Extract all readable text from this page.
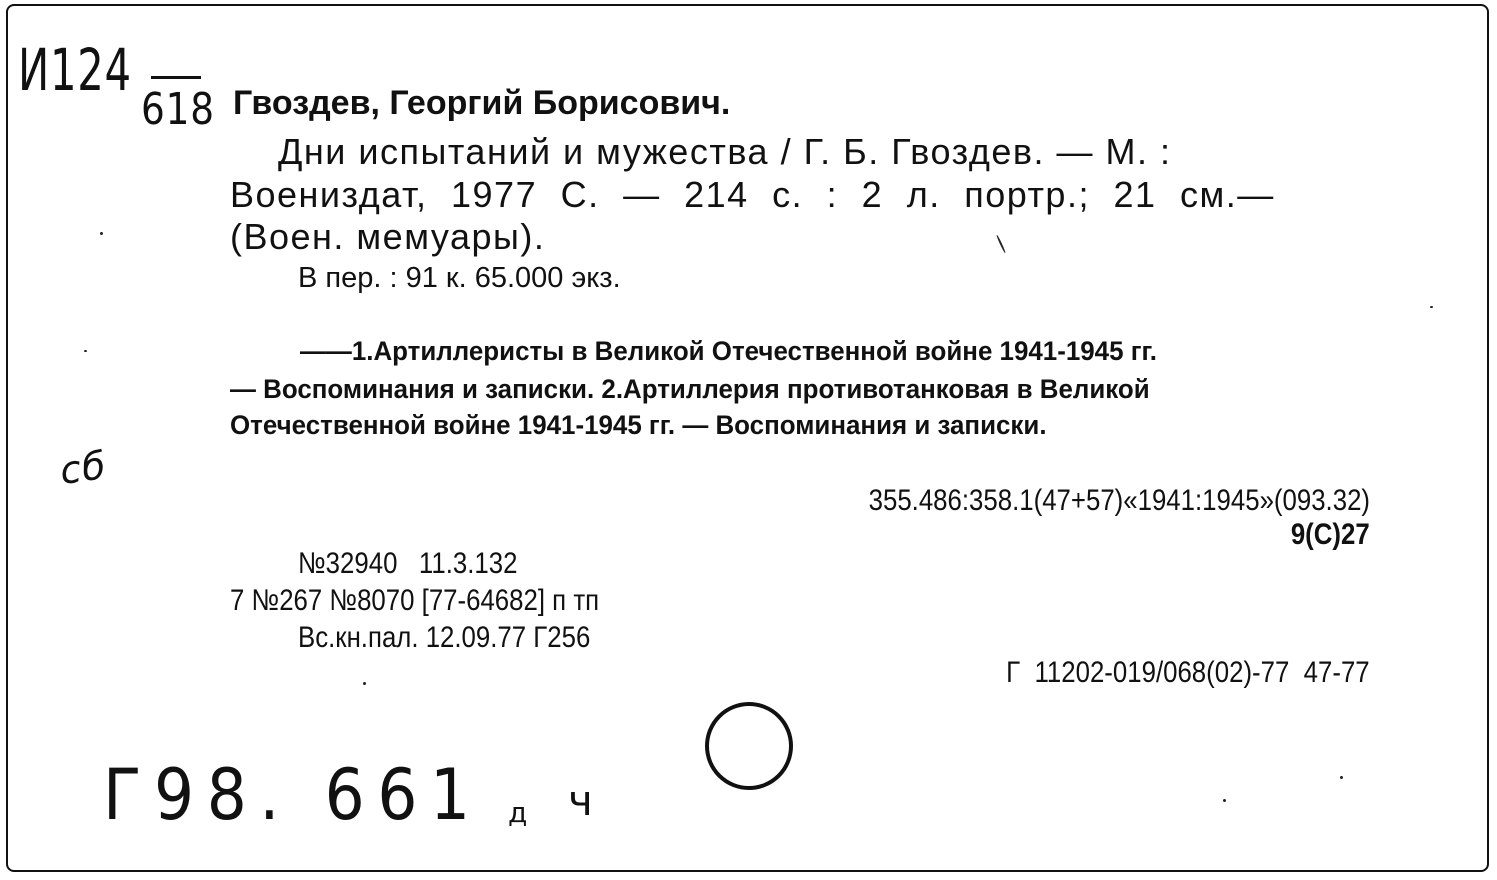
И124
618 Гвоздев, Георгий Борисович.
Дни испытаний и мужества / Г. Б. Гвоздев. — М. :
Воениздат, 1977 С. — 214 с. : 2 л. портр.; 21 см.—
(Воен. мемуары).
В пер. : 91 к. 65.000 экз.
——1.Артиллеристы в Великой Отечественной войне 1941-1945 гг.
— Воспоминания и записки. 2.Артиллерия противотанковая в Великой
Отечественной войне 1941-1945 гг. — Воспоминания и записки.
сб
355.486:358.1(47+57)«1941:1945»(093.32)
9(С)27
№32940   11.3.132
7 №267 №8070 [77-64682] п тп
Вс.кн.пал. 12.09.77 Г256
Г  11202-019/068(02)-77  47-77
Г98. 661 д ч
